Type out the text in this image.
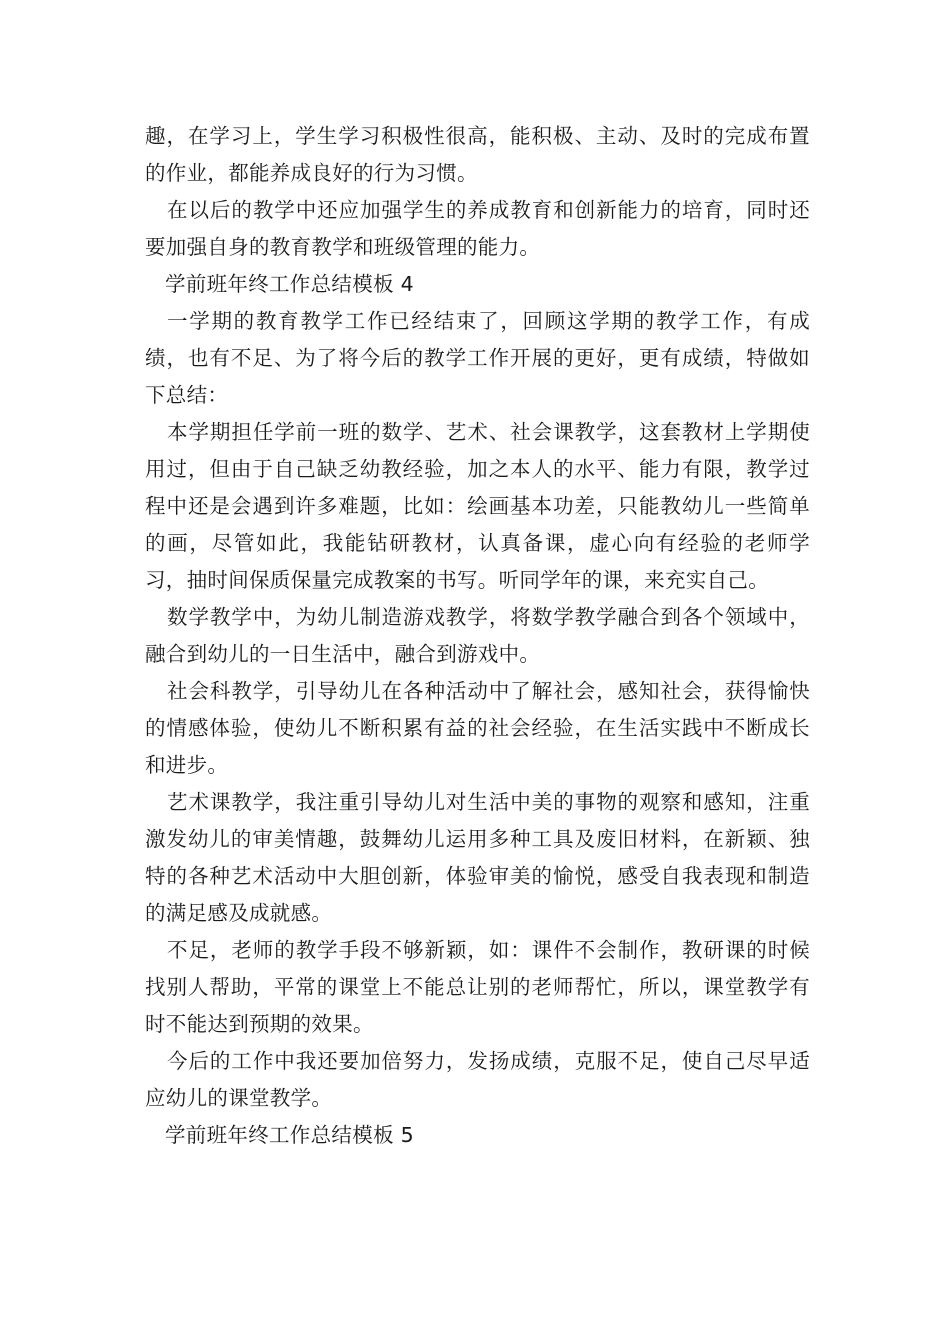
趣，在学习上，学生学习积极性很高，能积极、主动、及时的完成布置的作业，都能养成良好的行为习惯。

在以后的教学中还应加强学生的养成教育和创新能力的培育，同时还要加强自身的教育教学和班级管理的能力。

学前班年终工作总结模板 4

一学期的教育教学工作已经结束了，回顾这学期的教学工作，有成绩，也有不足、为了将今后的教学工作开展的更好，更有成绩，特做如下总结：

本学期担任学前一班的数学、艺术、社会课教学，这套教材上学期使用过，但由于自己缺乏幼教经验，加之本人的水平、能力有限，教学过程中还是会遇到许多难题，比如：绘画基本功差，只能教幼儿一些简单的画，尽管如此，我能钻研教材，认真备课，虚心向有经验的老师学习，抽时间保质保量完成教案的书写。听同学年的课，来充实自己。

数学教学中，为幼儿制造游戏教学，将数学教学融合到各个领域中，融合到幼儿的一日生活中，融合到游戏中。

社会科教学，引导幼儿在各种活动中了解社会，感知社会，获得愉快的情感体验，使幼儿不断积累有益的社会经验，在生活实践中不断成长和进步。

艺术课教学，我注重引导幼儿对生活中美的事物的观察和感知，注重激发幼儿的审美情趣，鼓舞幼儿运用多种工具及废旧材料，在新颖、独特的各种艺术活动中大胆创新，体验审美的愉悦，感受自我表现和制造的满足感及成就感。

不足，老师的教学手段不够新颖，如：课件不会制作，教研课的时候找别人帮助，平常的课堂上不能总让别的老师帮忙，所以，课堂教学有时不能达到预期的效果。

今后的工作中我还要加倍努力，发扬成绩，克服不足，使自己尽早适应幼儿的课堂教学。

学前班年终工作总结模板 5
